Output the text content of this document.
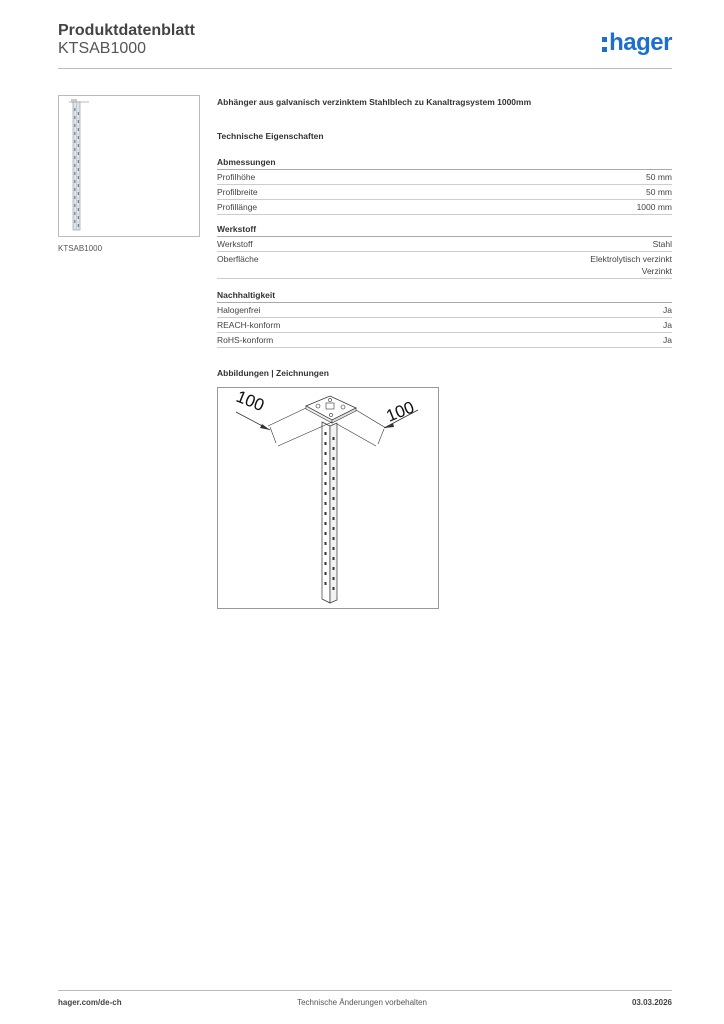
Produktdatenblatt
KTSAB1000	hager
KTSAB1000
Abhänger aus galvanisch verzinktem Stahlblech zu Kanaltragsystem 1000mm
Technische Eigenschaften
Abmessungen
Profilhöhe	50 mm
Profilbreite	50 mm
Profillänge	1000 mm
Werkstoff
Werkstoff	Stahl
Oberfläche	Elektrolytisch verzinkt
Verzinkt
Nachhaltigkeit
Halogenfrei	Ja
REACH-konform	Ja
RoHS-konform	Ja
Abbildungen | Zeichnungen
100	100
hager.com/de-ch	Technische Änderungen vorbehalten	03.03.2026
